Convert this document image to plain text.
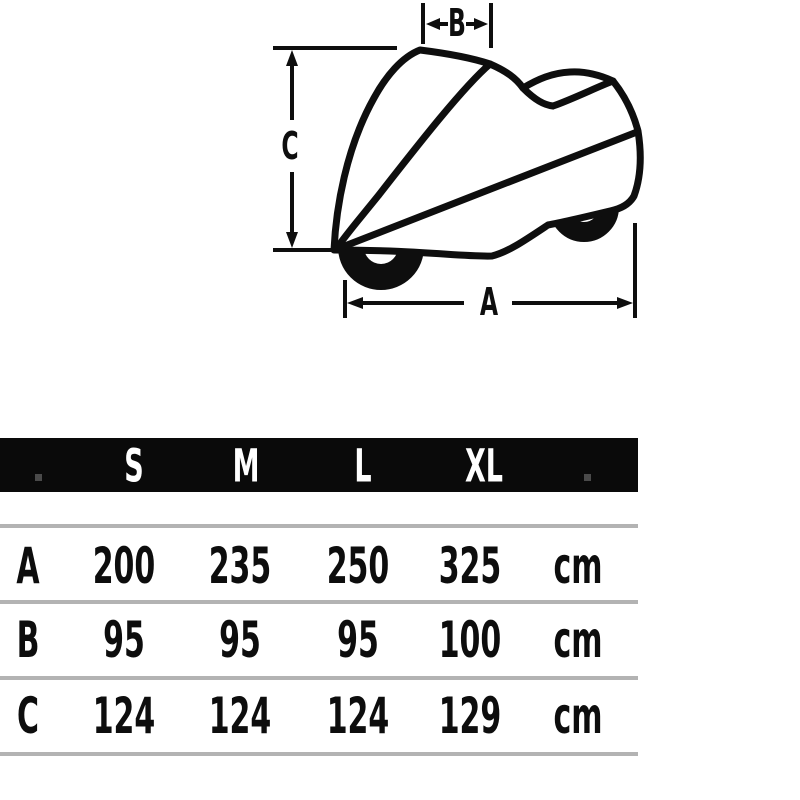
B
C
A
S M L XL
A 200 235 250 325 cm
B 95 95 95 100 cm
C 124 124 124 129 cm
